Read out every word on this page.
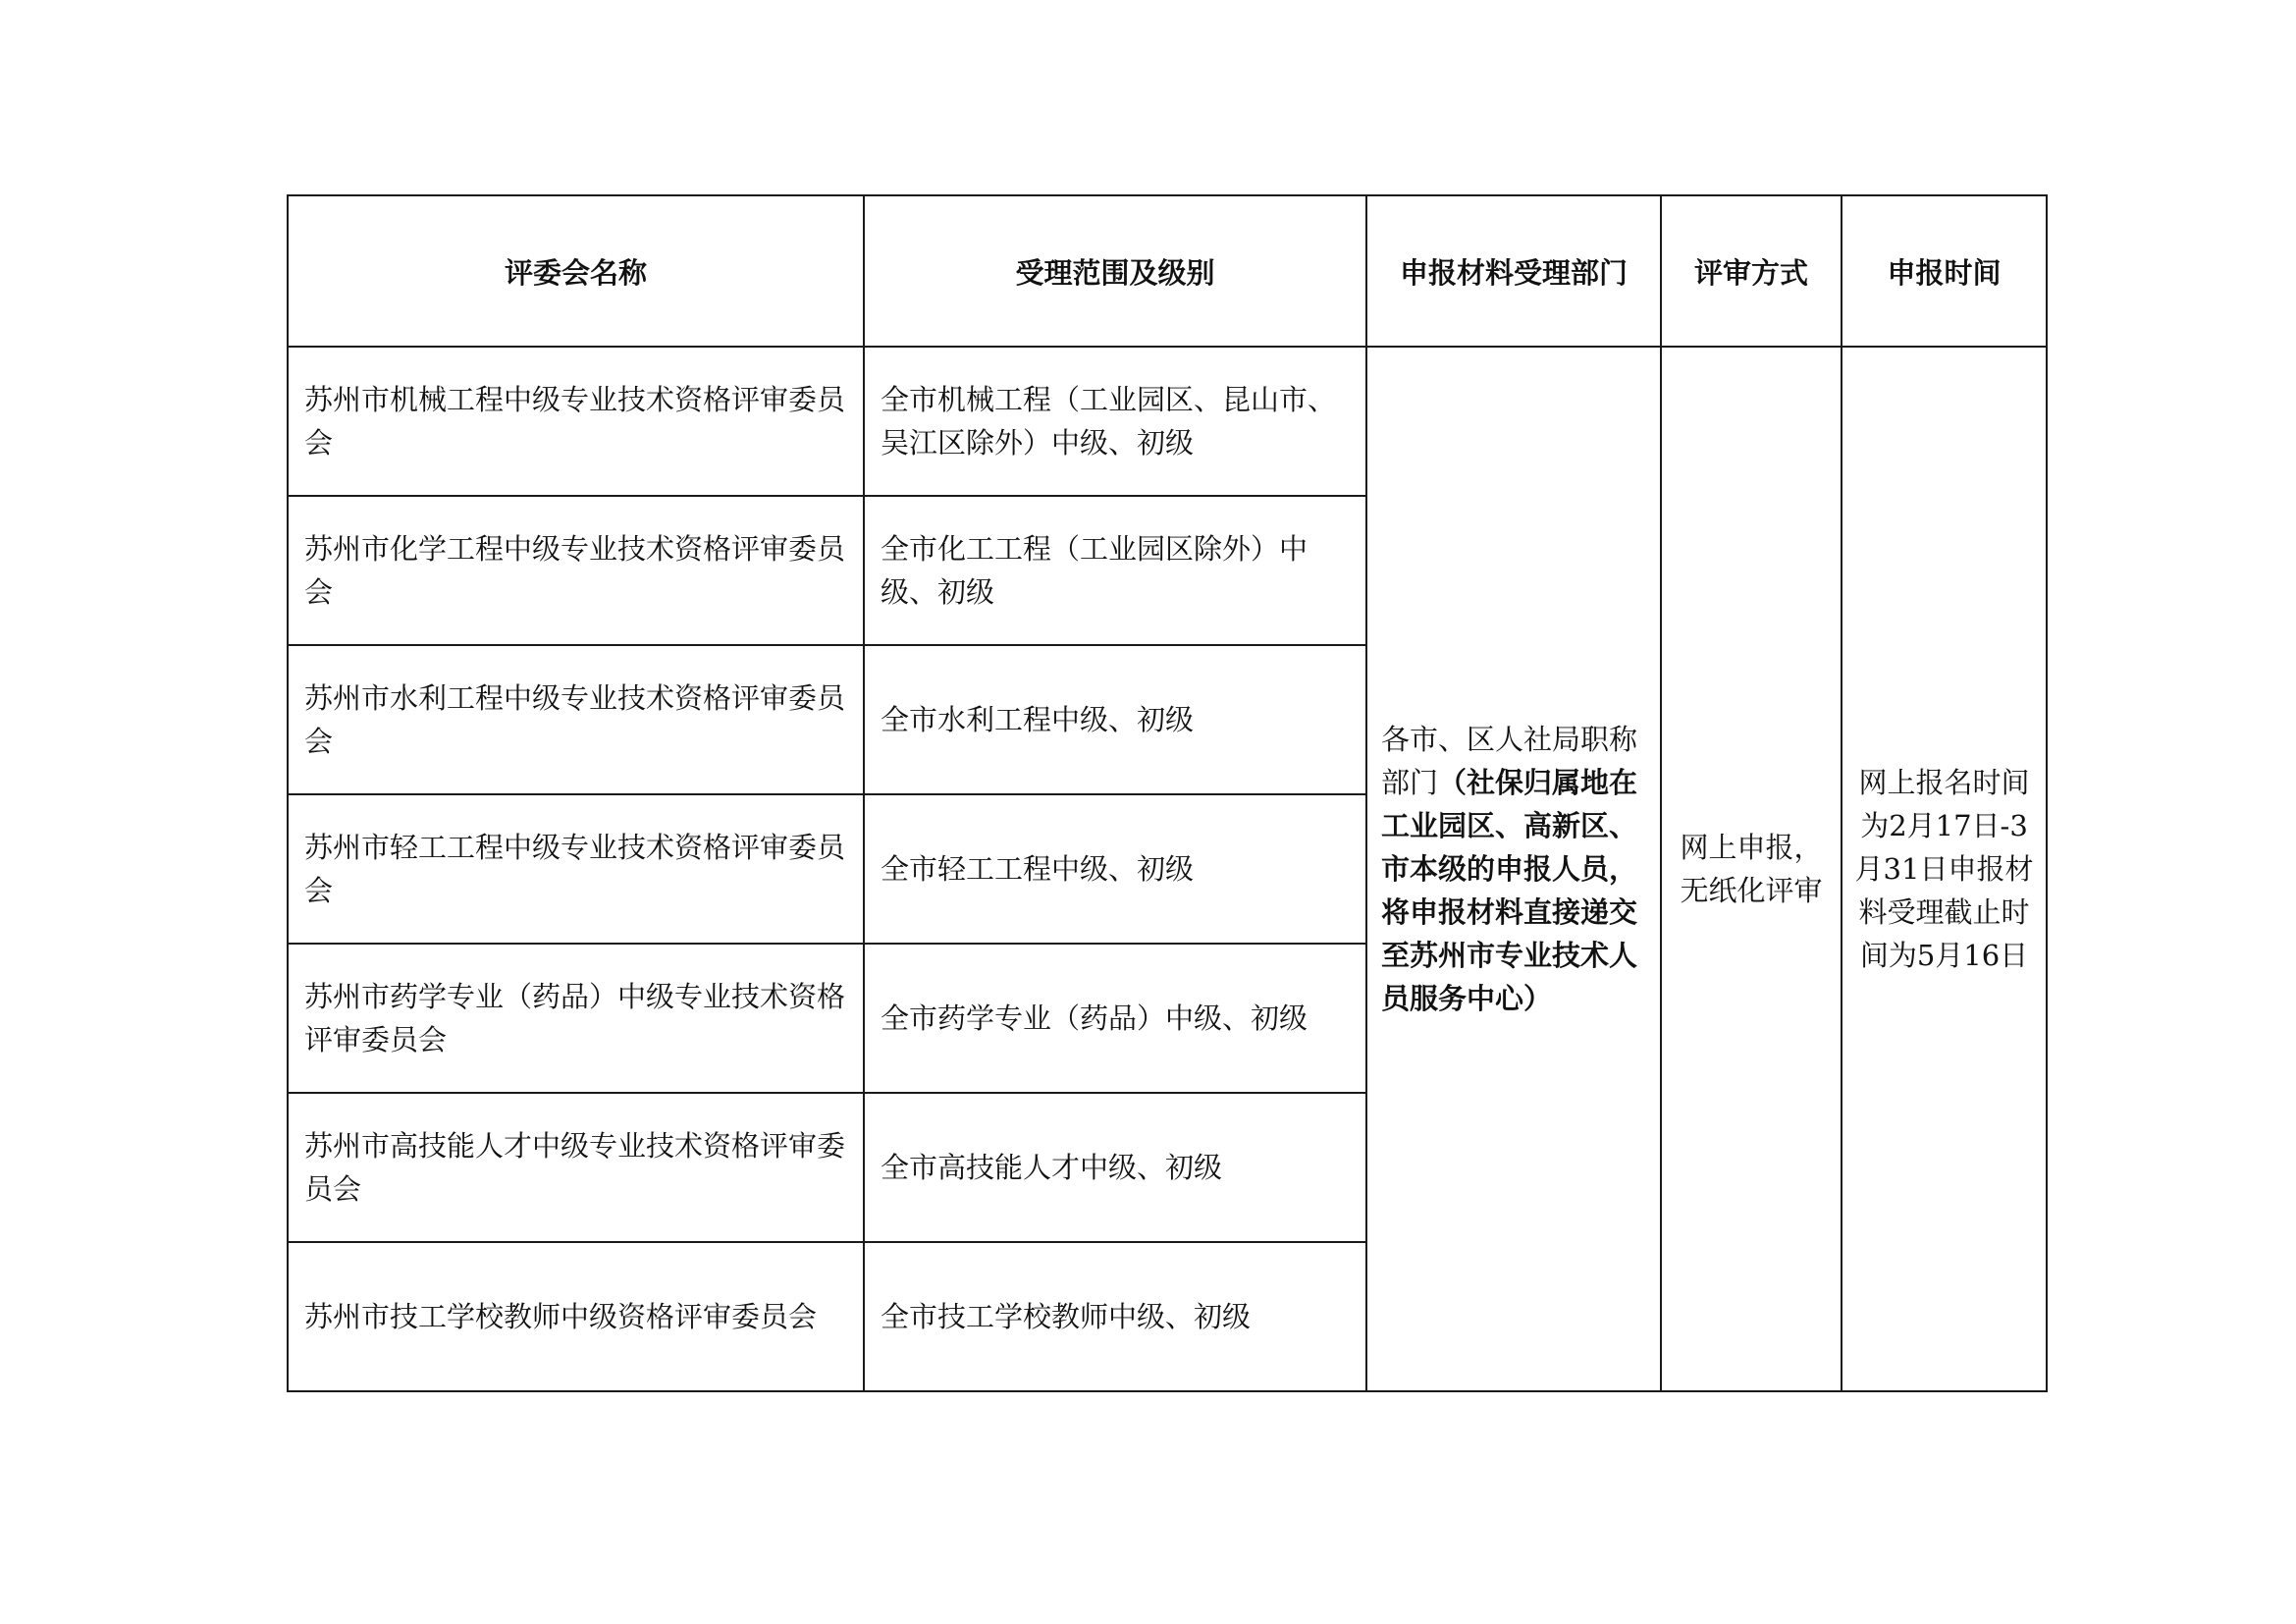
评委会名称	受理范围及级别	申报材料受理部门	评审方式	申报时间
苏州市机械工程中级专业技术资格评审委员会	全市机械工程（工业园区、昆山市、吴江区除外）中级、初级	各市、区人社局职称部门（社保归属地在工业园区、高新区、市本级的申报人员，将申报材料直接递交至苏州市专业技术人员服务中心）	网上申报，无纸化评审	网上报名时间为2月17日-3月31日申报材料受理截止时间为5月16日
苏州市化学工程中级专业技术资格评审委员会	全市化工工程（工业园区除外）中级、初级			
苏州市水利工程中级专业技术资格评审委员会	全市水利工程中级、初级			
苏州市轻工工程中级专业技术资格评审委员会	全市轻工工程中级、初级			
苏州市药学专业（药品）中级专业技术资格评审委员会	全市药学专业（药品）中级、初级			
苏州市高技能人才中级专业技术资格评审委员会	全市高技能人才中级、初级			
苏州市技工学校教师中级资格评审委员会	全市技工学校教师中级、初级			
